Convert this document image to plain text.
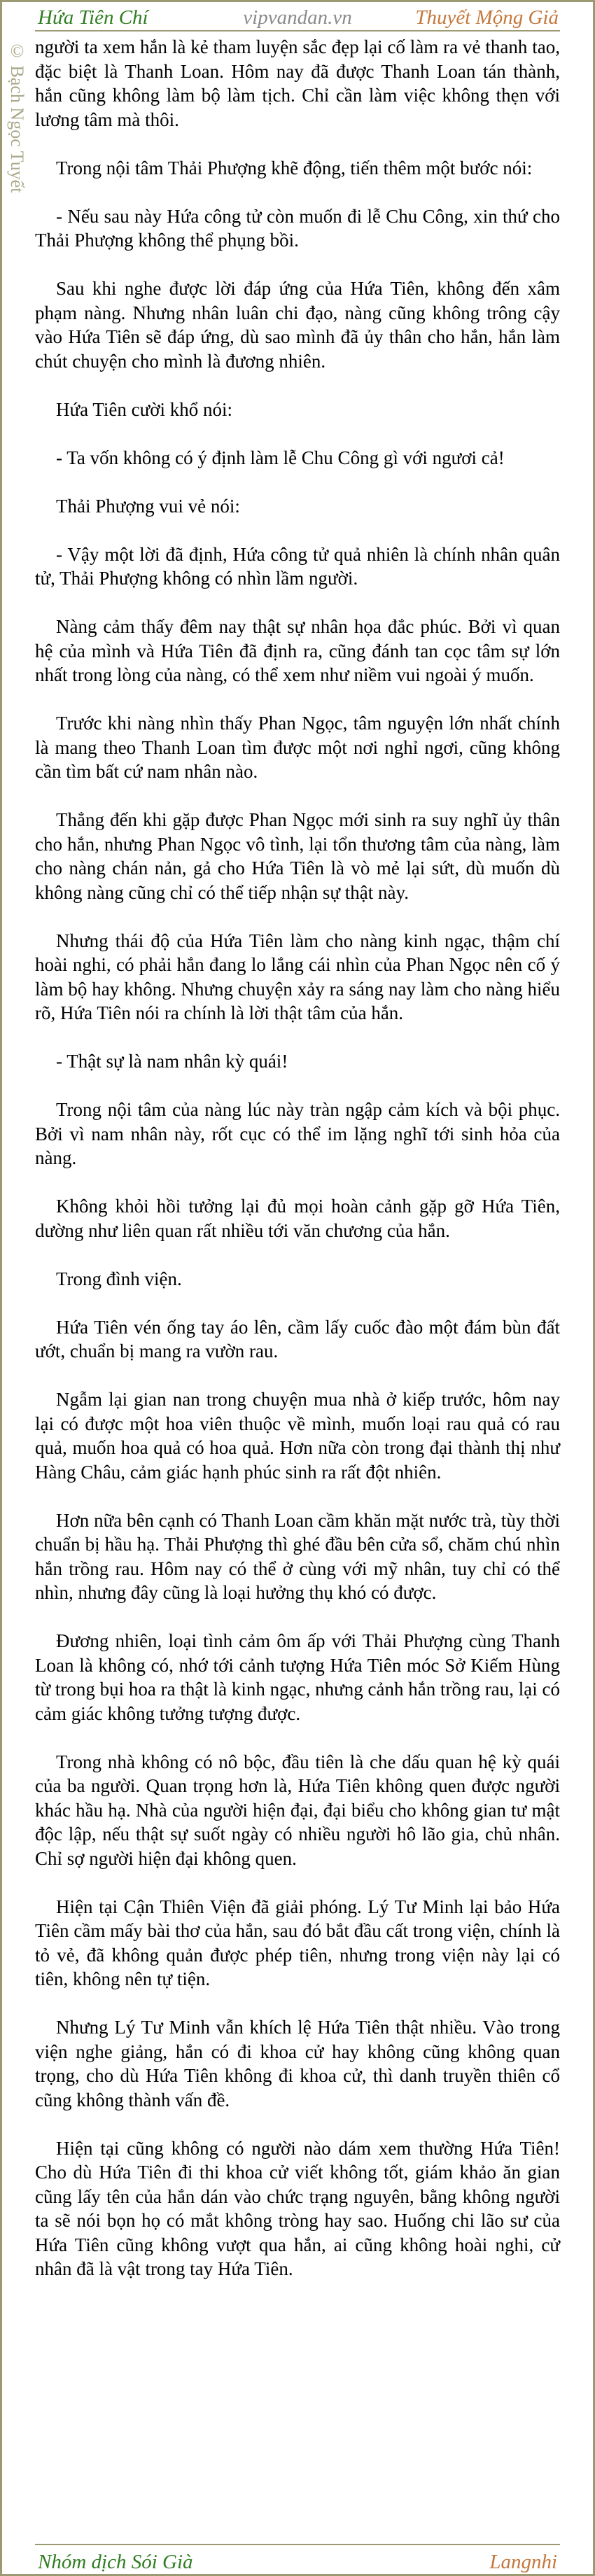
Hứa Tiên Chí	vipvandan.vn	Thuyết Mộng Giả
© Bạch Ngọc Tuyết người ta xem hắn là kẻ tham luyện sắc đẹp lại cố làm ra vẻ thanh tao, đặc biệt là Thanh Loan. Hôm nay đã được Thanh Loan tán thành, hắn cũng không làm bộ làm tịch. Chỉ cần làm việc không thẹn với lương tâm mà thôi.

Trong nội tâm Thải Phượng khẽ động, tiến thêm một bước nói:

- Nếu sau này Hứa công tử còn muốn đi lễ Chu Công, xin thứ cho Thải Phượng không thể phụng bồi.

Sau khi nghe được lời đáp ứng của Hứa Tiên, không đến xâm phạm nàng. Nhưng nhân luân chi đạo, nàng cũng không trông cậy vào Hứa Tiên sẽ đáp ứng, dù sao mình đã ủy thân cho hắn, hắn làm chút chuyện cho mình là đương nhiên.

Hứa Tiên cười khổ nói:

- Ta vốn không có ý định làm lễ Chu Công gì với ngươi cả!

Thải Phượng vui vẻ nói:

- Vậy một lời đã định, Hứa công tử quả nhiên là chính nhân quân tử, Thải Phượng không có nhìn lầm người.

Nàng cảm thấy đêm nay thật sự nhân họa đắc phúc. Bởi vì quan hệ của mình và Hứa Tiên đã định ra, cũng đánh tan cọc tâm sự lớn nhất trong lòng của nàng, có thể xem như niềm vui ngoài ý muốn.

Trước khi nàng nhìn thấy Phan Ngọc, tâm nguyện lớn nhất chính là mang theo Thanh Loan tìm được một nơi nghỉ ngơi, cũng không cần tìm bất cứ nam nhân nào.

Thẳng đến khi gặp được Phan Ngọc mới sinh ra suy nghĩ ủy thân cho hắn, nhưng Phan Ngọc vô tình, lại tổn thương tâm của nàng, làm cho nàng chán nản, gả cho Hứa Tiên là vò mẻ lại sứt, dù muốn dù không nàng cũng chỉ có thể tiếp nhận sự thật này.

Nhưng thái độ của Hứa Tiên làm cho nàng kinh ngạc, thậm chí hoài nghi, có phải hắn đang lo lắng cái nhìn của Phan Ngọc nên cố ý làm bộ hay không. Nhưng chuyện xảy ra sáng nay làm cho nàng hiểu rõ, Hứa Tiên nói ra chính là lời thật tâm của hắn.

- Thật sự là nam nhân kỳ quái!

Trong nội tâm của nàng lúc này tràn ngập cảm kích và bội phục. Bởi vì nam nhân này, rốt cục có thể im lặng nghĩ tới sinh hỏa của nàng.

Không khỏi hồi tưởng lại đủ mọi hoàn cảnh gặp gỡ Hứa Tiên, dường như liên quan rất nhiều tới văn chương của hắn.

Trong đình viện.

Hứa Tiên vén ống tay áo lên, cầm lấy cuốc đào một đám bùn đất ướt, chuẩn bị mang ra vườn rau.

Ngẫm lại gian nan trong chuyện mua nhà ở kiếp trước, hôm nay lại có được một hoa viên thuộc về mình, muốn loại rau quả có rau quả, muốn hoa quả có hoa quả. Hơn nữa còn trong đại thành thị như Hàng Châu, cảm giác hạnh phúc sinh ra rất đột nhiên.

Hơn nữa bên cạnh có Thanh Loan cầm khăn mặt nước trà, tùy thời chuẩn bị hầu hạ. Thải Phượng thì ghé đầu bên cửa sổ, chăm chú nhìn hắn trồng rau. Hôm nay có thể ở cùng với mỹ nhân, tuy chỉ có thể nhìn, nhưng đây cũng là loại hưởng thụ khó có được.

Đương nhiên, loại tình cảm ôm ấp với Thải Phượng cùng Thanh Loan là không có, nhớ tới cảnh tượng Hứa Tiên móc Sở Kiếm Hùng từ trong bụi hoa ra thật là kinh ngạc, nhưng cảnh hắn trồng rau, lại có cảm giác không tưởng tượng được.

Trong nhà không có nô bộc, đầu tiên là che dấu quan hệ kỳ quái của ba người. Quan trọng hơn là, Hứa Tiên không quen được người khác hầu hạ. Nhà của người hiện đại, đại biểu cho không gian tư mật độc lập, nếu thật sự suốt ngày có nhiều người hô lão gia, chủ nhân. Chỉ sợ người hiện đại không quen.

Hiện tại Cận Thiên Viện đã giải phóng. Lý Tư Minh lại bảo Hứa Tiên cầm mấy bài thơ của hắn, sau đó bắt đầu cất trong viện, chính là tỏ vẻ, đã không quản được phép tiên, nhưng trong viện này lại có tiên, không nên tự tiện.

Nhưng Lý Tư Minh vẫn khích lệ Hứa Tiên thật nhiều. Vào trong viện nghe giảng, hắn có đi khoa cử hay không cũng không quan trọng, cho dù Hứa Tiên không đi khoa cử, thì danh truyền thiên cổ cũng không thành vấn đề.

Hiện tại cũng không có người nào dám xem thường Hứa Tiên! Cho dù Hứa Tiên đi thi khoa cử viết không tốt, giám khảo ăn gian cũng lấy tên của hắn dán vào chức trạng nguyên, bằng không người ta sẽ nói bọn họ có mắt không tròng hay sao. Huống chi lão sư của Hứa Tiên cũng không vượt qua hắn, ai cũng không hoài nghi, cử nhân đã là vật trong tay Hứa Tiên.

Nhóm dịch Sói Già	Langnhi
